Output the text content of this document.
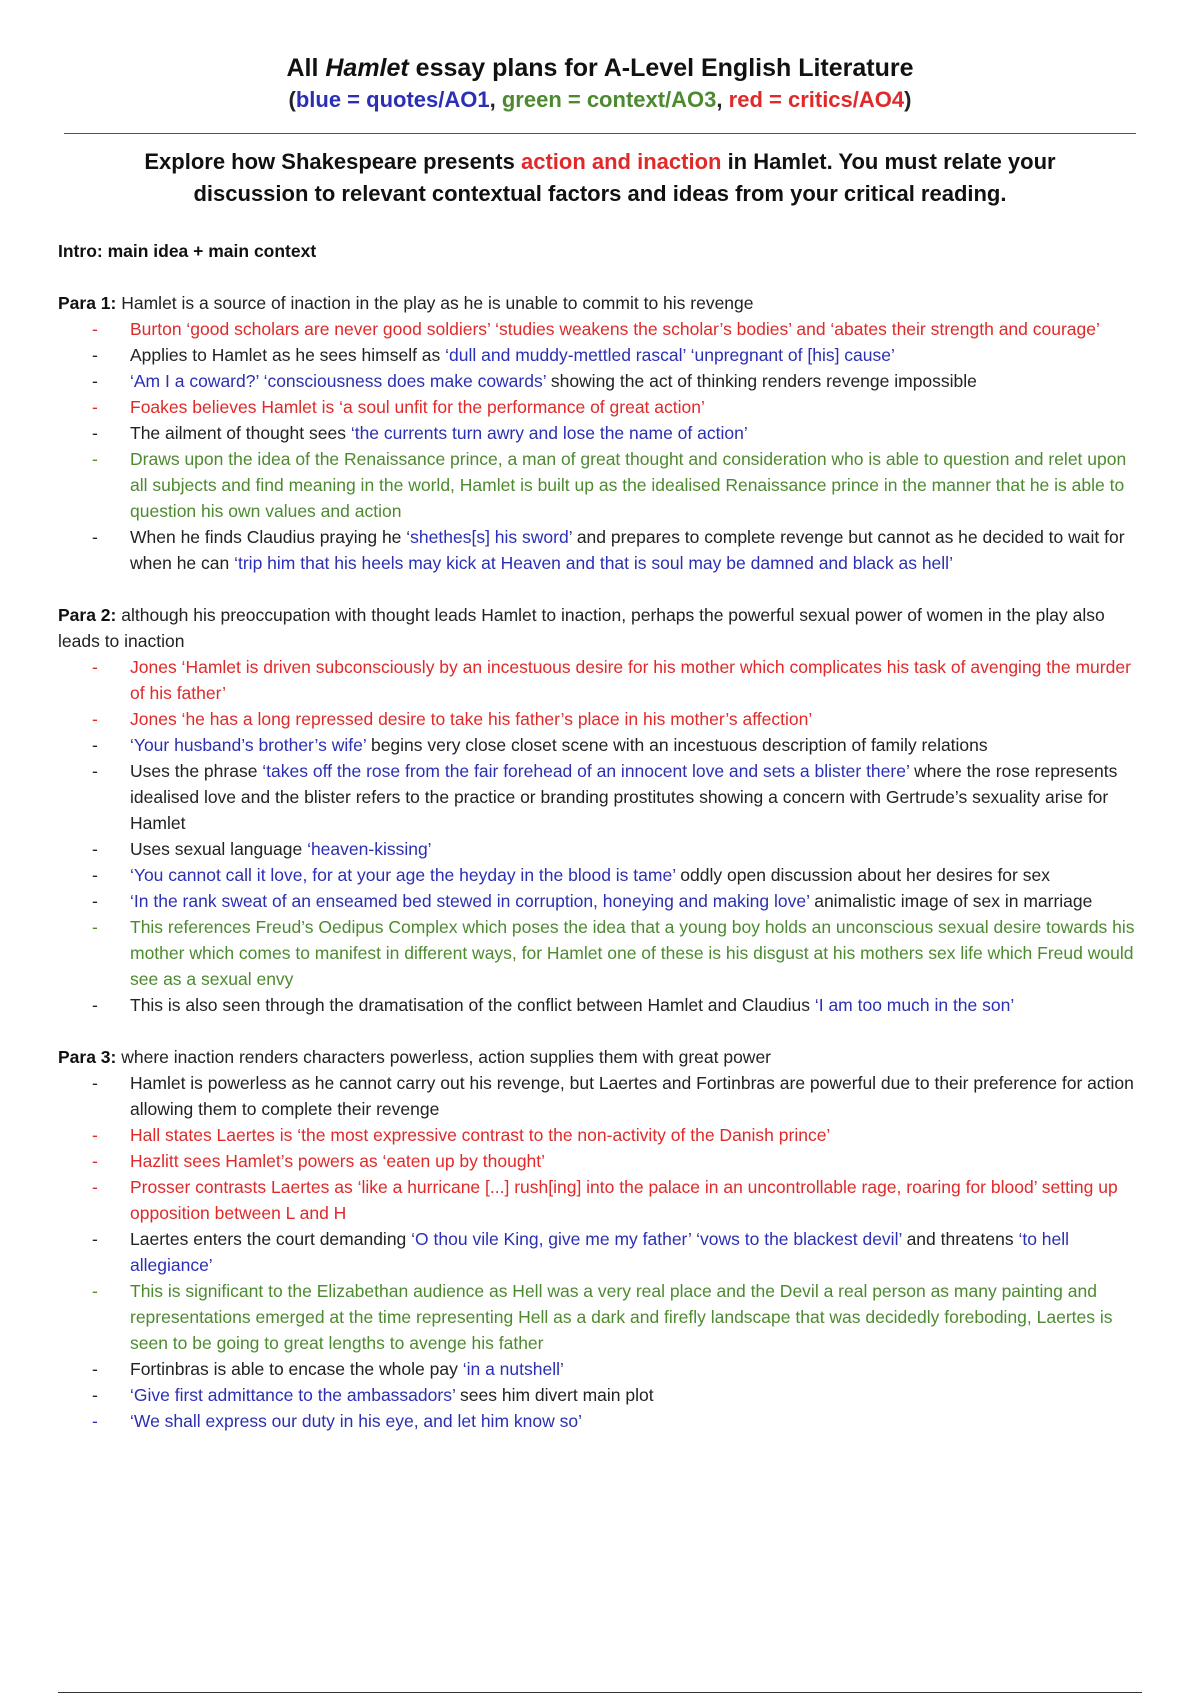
All Hamlet essay plans for A-Level English Literature

(blue = quotes/AO1, green = context/AO3, red = critics/AO4)

Explore how Shakespeare presents action and inaction in Hamlet. You must relate your discussion to relevant contextual factors and ideas from your critical reading.

Intro: main idea + main context

Para 1: Hamlet is a source of inaction in the play as he is unable to commit to his revenge

- Burton ‘good scholars are never good soldiers’ ‘studies weakens the scholar’s bodies’ and ‘abates their strength and courage’
- Applies to Hamlet as he sees himself as ‘dull and muddy-mettled rascal’ ‘unpregnant of [his] cause’
- ‘Am I a coward?’ ‘consciousness does make cowards’ showing the act of thinking renders revenge impossible
- Foakes believes Hamlet is ‘a soul unfit for the performance of great action’
- The ailment of thought sees ‘the currents turn awry and lose the name of action’
- Draws upon the idea of the Renaissance prince, a man of great thought and consideration who is able to question and relet upon all subjects and find meaning in the world, Hamlet is built up as the idealised Renaissance prince in the manner that he is able to question his own values and action
- When he finds Claudius praying he ‘shethes[s] his sword’ and prepares to complete revenge but cannot as he decided to wait for when he can ‘trip him that his heels may kick at Heaven and that is soul may be damned and black as hell’

Para 2: although his preoccupation with thought leads Hamlet to inaction, perhaps the powerful sexual power of women in the play also leads to inaction

- Jones ‘Hamlet is driven subconsciously by an incestuous desire for his mother which complicates his task of avenging the murder of his father’
- Jones ‘he has a long repressed desire to take his father’s place in his mother’s affection’
- ‘Your husband’s brother’s wife’ begins very close closet scene with an incestuous description of family relations
- Uses the phrase ‘takes off the rose from the fair forehead of an innocent love and sets a blister there’ where the rose represents idealised love and the blister refers to the practice or branding prostitutes showing a concern with Gertrude’s sexuality arise for Hamlet
- Uses sexual language ‘heaven-kissing’
- ‘You cannot call it love, for at your age the heyday in the blood is tame’ oddly open discussion about her desires for sex
- ‘In the rank sweat of an enseamed bed stewed in corruption, honeying and making love’ animalistic image of sex in marriage
- This references Freud’s Oedipus Complex which poses the idea that a young boy holds an unconscious sexual desire towards his mother which comes to manifest in different ways, for Hamlet one of these is his disgust at his mothers sex life which Freud would see as a sexual envy
- This is also seen through the dramatisation of the conflict between Hamlet and Claudius ‘I am too much in the son’

Para 3: where inaction renders characters powerless, action supplies them with great power

- Hamlet is powerless as he cannot carry out his revenge, but Laertes and Fortinbras are powerful due to their preference for action allowing them to complete their revenge
- Hall states Laertes is ‘the most expressive contrast to the non-activity of the Danish prince’
- Hazlitt sees Hamlet’s powers as ‘eaten up by thought’
- Prosser contrasts Laertes as ‘like a hurricane [...] rush[ing] into the palace in an uncontrollable rage, roaring for blood’ setting up opposition between L and H
- Laertes enters the court demanding ‘O thou vile King, give me my father’ ‘vows to the blackest devil’ and threatens ‘to hell allegiance’
- This is significant to the Elizabethan audience as Hell was a very real place and the Devil a real person as many painting and representations emerged at the time representing Hell as a dark and firefly landscape that was decidedly foreboding, Laertes is seen to be going to great lengths to avenge his father
- Fortinbras is able to encase the whole pay ‘in a nutshell’
- ‘Give first admittance to the ambassadors’ sees him divert main plot
- ‘We shall express our duty in his eye, and let him know so’
